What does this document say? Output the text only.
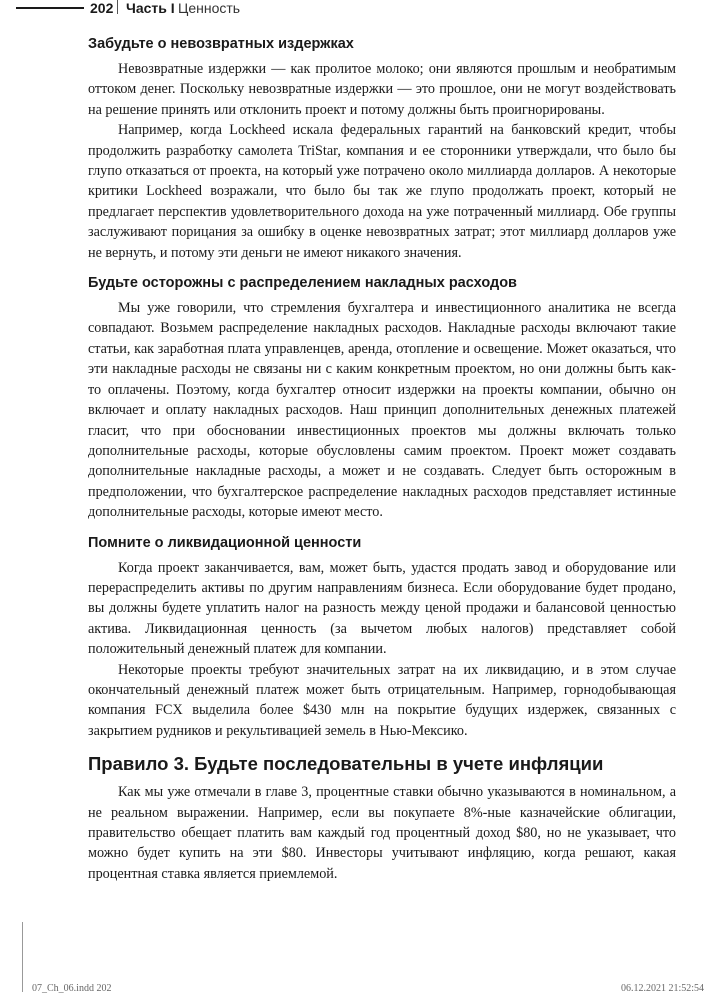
202 Часть I Ценность
Забудьте о невозвратных издержках

Невозвратные издержки — как пролитое молоко; они являются прошлым и необратимым оттоком денег. Поскольку невозвратные издержки — это прошлое, они не могут воздействовать на решение принять или отклонить проект и потому должны быть проигнорированы.

Например, когда Lockheed искала федеральных гарантий на банковский кредит, чтобы продолжить разработку самолета TriStar, компания и ее сторонники утверждали, что было бы глупо отказаться от проекта, на который уже потрачено около миллиарда долларов. А некоторые критики Lockheed возражали, что было бы так же глупо продолжать проект, который не предлагает перспектив удовлетворительного дохода на уже потраченный миллиард. Обе группы заслуживают порицания за ошибку в оценке невозвратных затрат; этот миллиард долларов уже не вернуть, и потому эти деньги не имеют никакого значения.

Будьте осторожны с распределением накладных расходов

Мы уже говорили, что стремления бухгалтера и инвестиционного аналитика не всегда совпадают. Возьмем распределение накладных расходов. Накладные расходы включают такие статьи, как заработная плата управленцев, аренда, отопление и освещение. Может оказаться, что эти накладные расходы не связаны ни с каким конкретным проектом, но они должны быть как-то оплачены. Поэтому, когда бухгалтер относит издержки на проекты компании, обычно он включает и оплату накладных расходов. Наш принцип дополнительных денежных платежей гласит, что при обосновании инвестиционных проектов мы должны включать только дополнительные расходы, которые обусловлены самим проектом. Проект может создавать дополнительные накладные расходы, а может и не создавать. Следует быть осторожным в предположении, что бухгалтерское распределение накладных расходов представляет истинные дополнительные расходы, которые имеют место.

Помните о ликвидационной ценности

Когда проект заканчивается, вам, может быть, удастся продать завод и оборудование или перераспределить активы по другим направлениям бизнеса. Если оборудование будет продано, вы должны будете уплатить налог на разность между ценой продажи и балансовой ценностью актива. Ликвидационная ценность (за вычетом любых налогов) представляет собой положительный денежный платеж для компании.

Некоторые проекты требуют значительных затрат на их ликвидацию, и в этом случае окончательный денежный платеж может быть отрицательным. Например, горнодобывающая компания FCX выделила более $430 млн на покрытие будущих издержек, связанных с закрытием рудников и рекультивацией земель в Нью-Мексико.

Правило 3. Будьте последовательны в учете инфляции

Как мы уже отмечали в главе 3, процентные ставки обычно указываются в номинальном, а не реальном выражении. Например, если вы покупаете 8%-ные казначейские облигации, правительство обещает платить вам каждый год процентный доход $80, но не указывает, что можно будет купить на эти $80. Инвесторы учитывают инфляцию, когда решают, какая процентная ставка является приемлемой.

07_Ch_06.indd 202	06.12.2021 21:52:54
